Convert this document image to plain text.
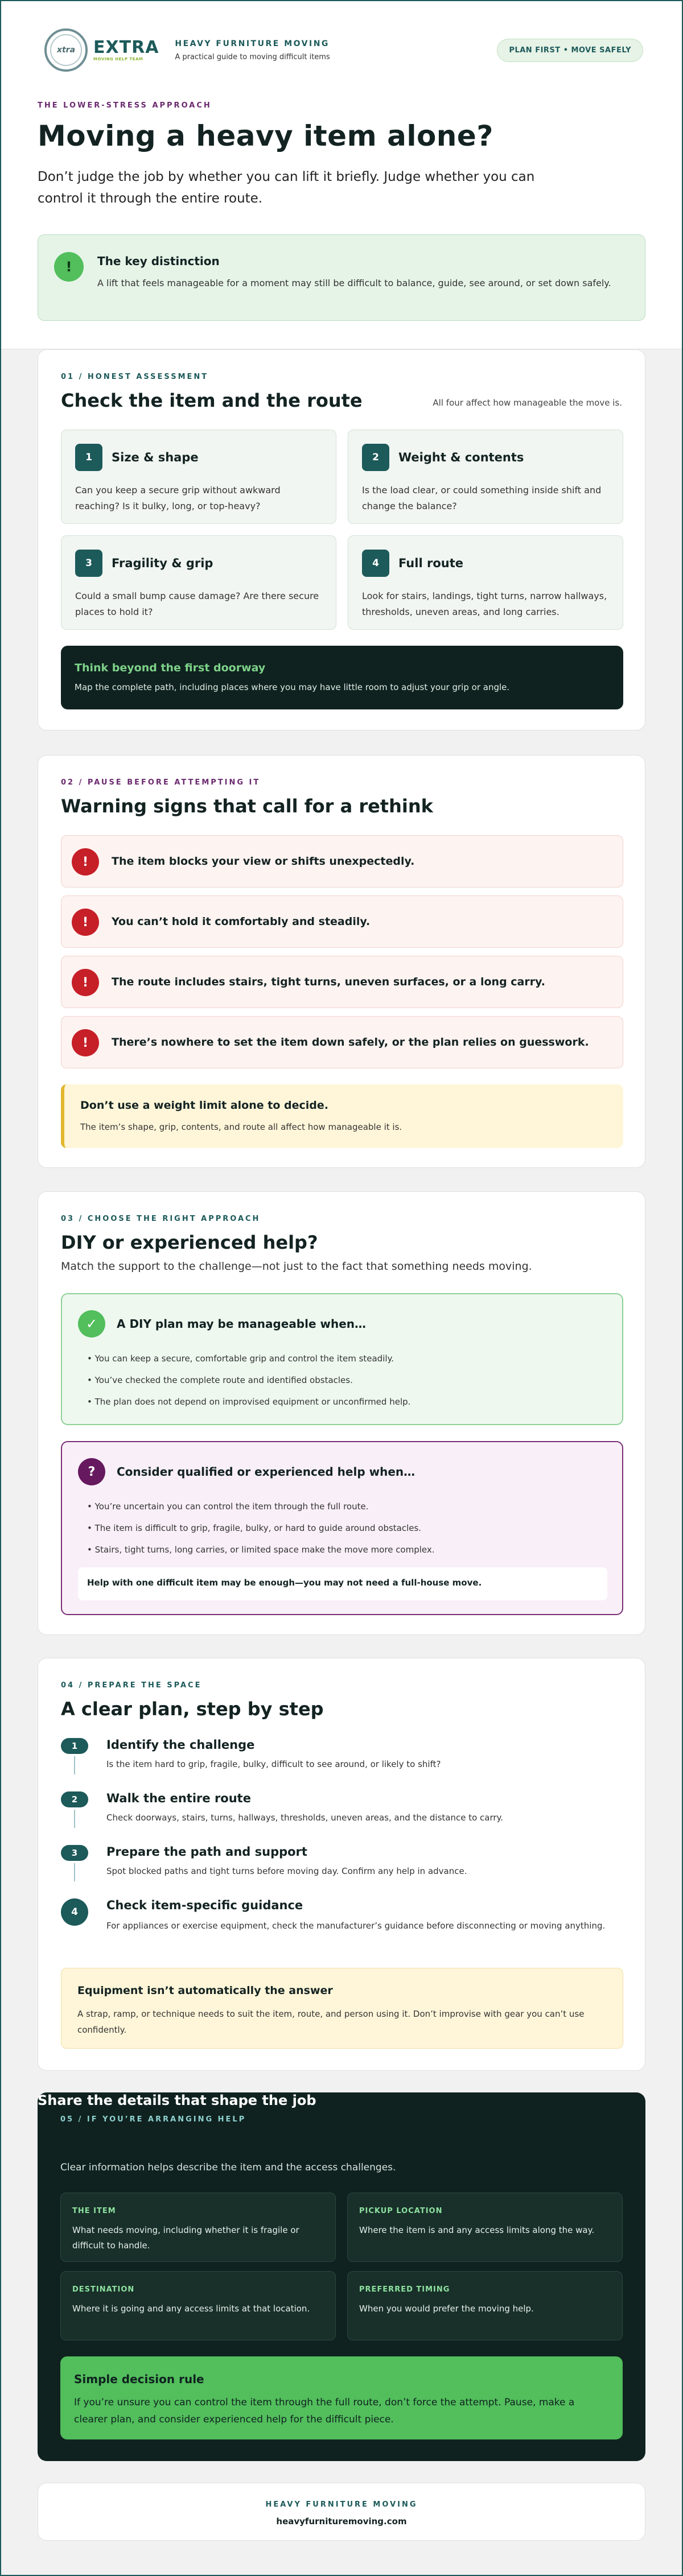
xtra	EXTRA
MOVING HELP TEAM
HEAVY FURNITURE MOVING
A practical guide to moving difficult items
PLAN FIRST • MOVE SAFELY
THE LOWER-STRESS APPROACH
Moving a heavy item alone?

Don’t judge the job by whether you can lift it briefly. Judge whether you can control it through the entire route.

!	The key distinction
A lift that feels manageable for a moment may still be difficult to balance, guide, see around, or set down safely.
01 / HONEST ASSESSMENT
Check the item and the route	All four affect how manageable the move is.
1	Size & shape
Can you keep a secure grip without awkward reaching? Is it bulky, long, or top-heavy?
2	Weight & contents
Is the load clear, or could something inside shift and change the balance?
3	Fragility & grip
Could a small bump cause damage? Are there secure places to hold it?
4	Full route
Look for stairs, landings, tight turns, narrow hallways, thresholds, uneven areas, and long carries.
Think beyond the first doorway
Map the complete path, including places where you may have little room to adjust your grip or angle.
02 / PAUSE BEFORE ATTEMPTING IT
Warning signs that call for a rethink
!	The item blocks your view or shifts unexpectedly.
!	You can’t hold it comfortably and steadily.
!	The route includes stairs, tight turns, uneven surfaces, or a long carry.
!	There’s nowhere to set the item down safely, or the plan relies on guesswork.
Don’t use a weight limit alone to decide.
The item’s shape, grip, contents, and route all affect how manageable it is.
03 / CHOOSE THE RIGHT APPROACH
DIY or experienced help?
Match the support to the challenge—not just to the fact that something needs moving.
✓	A DIY plan may be manageable when…
• You can keep a secure, comfortable grip and control the item steadily.
• You’ve checked the complete route and identified obstacles.
• The plan does not depend on improvised equipment or unconfirmed help.
?	Consider qualified or experienced help when…
• You’re uncertain you can control the item through the full route.
• The item is difficult to grip, fragile, bulky, or hard to guide around obstacles.
• Stairs, tight turns, long carries, or limited space make the move more complex.
Help with one difficult item may be enough—you may not need a full-house move.
04 / PREPARE THE SPACE
A clear plan, step by step
1	Identify the challenge
Is the item hard to grip, fragile, bulky, difficult to see around, or likely to shift?
2	Walk the entire route
Check doorways, stairs, turns, hallways, thresholds, uneven areas, and the distance to carry.
3	Prepare the path and support
Spot blocked paths and tight turns before moving day. Confirm any help in advance.
4	Check item-specific guidance
For appliances or exercise equipment, check the manufacturer’s guidance before disconnecting or moving anything.
Equipment isn’t automatically the answer
A strap, ramp, or technique needs to suit the item, route, and person using it. Don’t improvise with gear you can’t use confidently.
05 / IF YOU’RE ARRANGING HELP
Share the details that shape the job
Clear information helps describe the item and the access challenges.
THE ITEM
What needs moving, including whether it is fragile or difficult to handle.
PICKUP LOCATION
Where the item is and any access limits along the way.
DESTINATION
Where it is going and any access limits at that location.
PREFERRED TIMING
When you would prefer the moving help.
Simple decision rule
If you’re unsure you can control the item through the full route, don’t force the attempt. Pause, make a clearer plan, and consider experienced help for the difficult piece.
HEAVY FURNITURE MOVING
heavyfurnituremoving.com
